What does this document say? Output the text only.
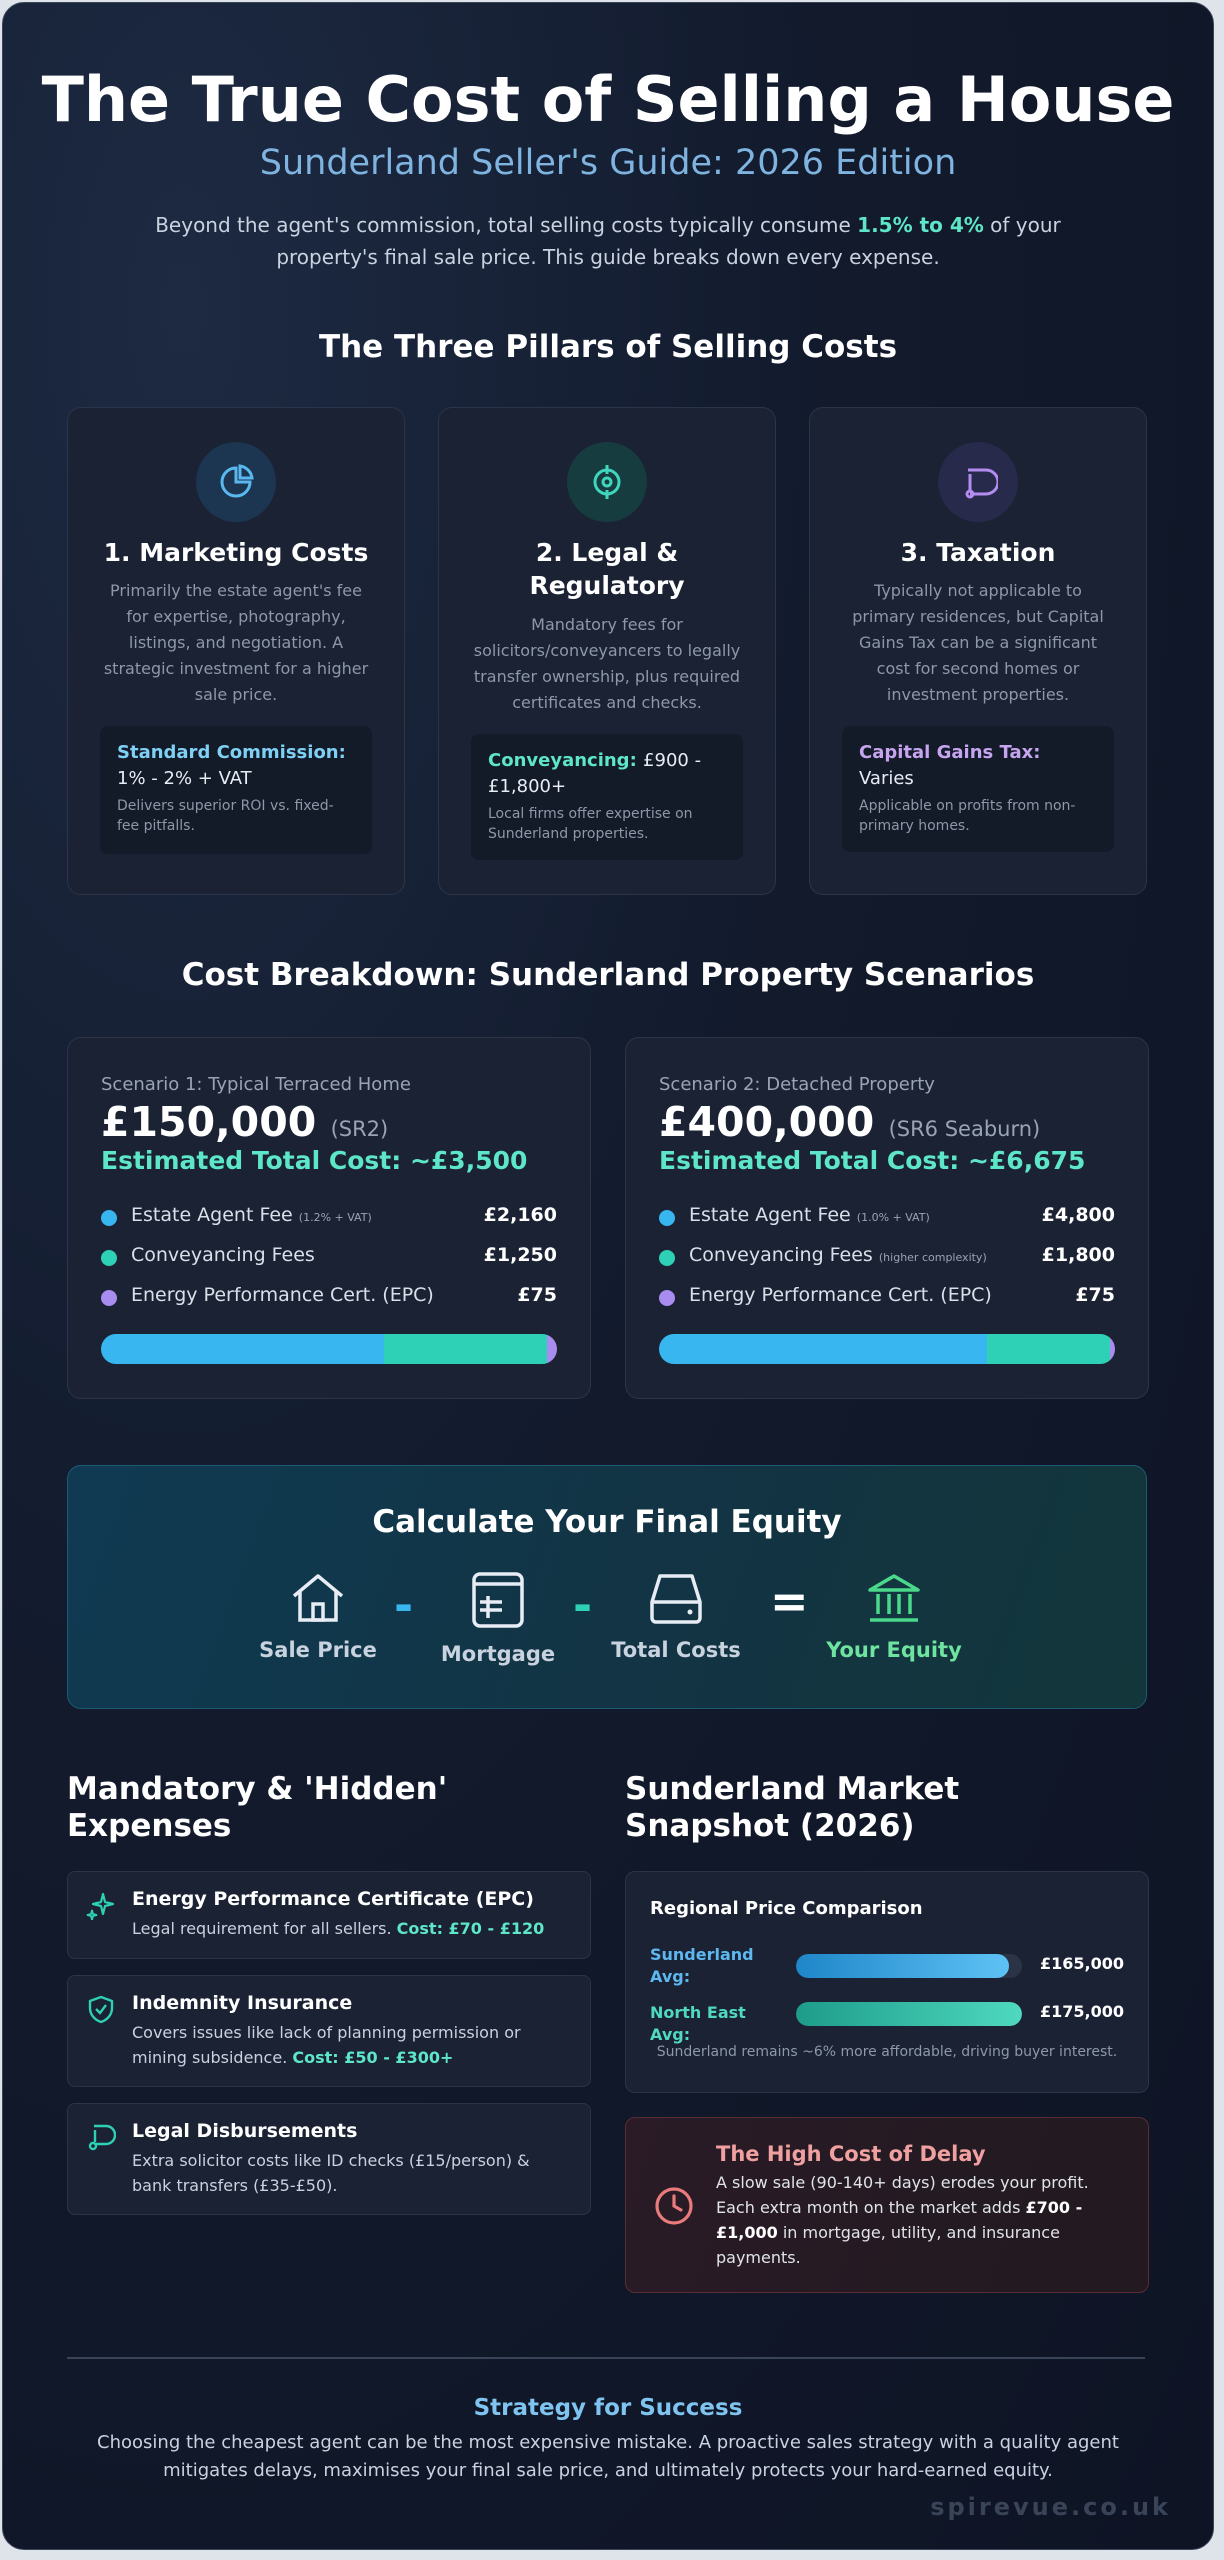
The True Cost of Selling a House
Sunderland Seller's Guide: 2026 Edition
Beyond the agent's commission, total selling costs typically consume 1.5% to 4% of your property's final sale price. This guide breaks down every expense.
The Three Pillars of Selling Costs
1. Marketing Costs
Primarily the estate agent's fee for expertise, photography, listings, and negotiation. A strategic investment for a higher sale price.
Standard Commission:
1% - 2% + VAT
Delivers superior ROI vs. fixed-fee pitfalls.
2. Legal & Regulatory
Mandatory fees for solicitors/conveyancers to legally transfer ownership, plus required certificates and checks.
Conveyancing: £900 - £1,800+
Local firms offer expertise on Sunderland properties.
3. Taxation
Typically not applicable to primary residences, but Capital Gains Tax can be a significant cost for second homes or investment properties.
Capital Gains Tax:
Varies
Applicable on profits from non-primary homes.
Cost Breakdown: Sunderland Property Scenarios
Scenario 1: Typical Terraced Home
£150,000 (SR2)
Estimated Total Cost: ~£3,500
Estate Agent Fee (1.2% + VAT)	£2,160
Conveyancing Fees	£1,250
Energy Performance Cert. (EPC)	£75
Scenario 2: Detached Property
£400,000 (SR6 Seaburn)
Estimated Total Cost: ~£6,675
Estate Agent Fee (1.0% + VAT)	£4,800
Conveyancing Fees (higher complexity)	£1,800
Energy Performance Cert. (EPC)	£75
Calculate Your Final Equity
Sale Price
-
Mortgage
-
Total Costs
=
Your Equity
Mandatory & 'Hidden' Expenses
Energy Performance Certificate (EPC)
Legal requirement for all sellers. Cost: £70 - £120
Indemnity Insurance
Covers issues like lack of planning permission or mining subsidence. Cost: £50 - £300+
Legal Disbursements
Extra solicitor costs like ID checks (£15/person) & bank transfers (£35-£50).
Sunderland Market Snapshot (2026)
Regional Price Comparison
Sunderland Avg:
£165,000
North East Avg:
£175,000
Sunderland remains ~6% more affordable, driving buyer interest.
The High Cost of Delay
A slow sale (90-140+ days) erodes your profit. Each extra month on the market adds £700 - £1,000 in mortgage, utility, and insurance payments.
Strategy for Success
Choosing the cheapest agent can be the most expensive mistake. A proactive sales strategy with a quality agent mitigates delays, maximises your final sale price, and ultimately protects your hard-earned equity.
spirevue.co.uk
